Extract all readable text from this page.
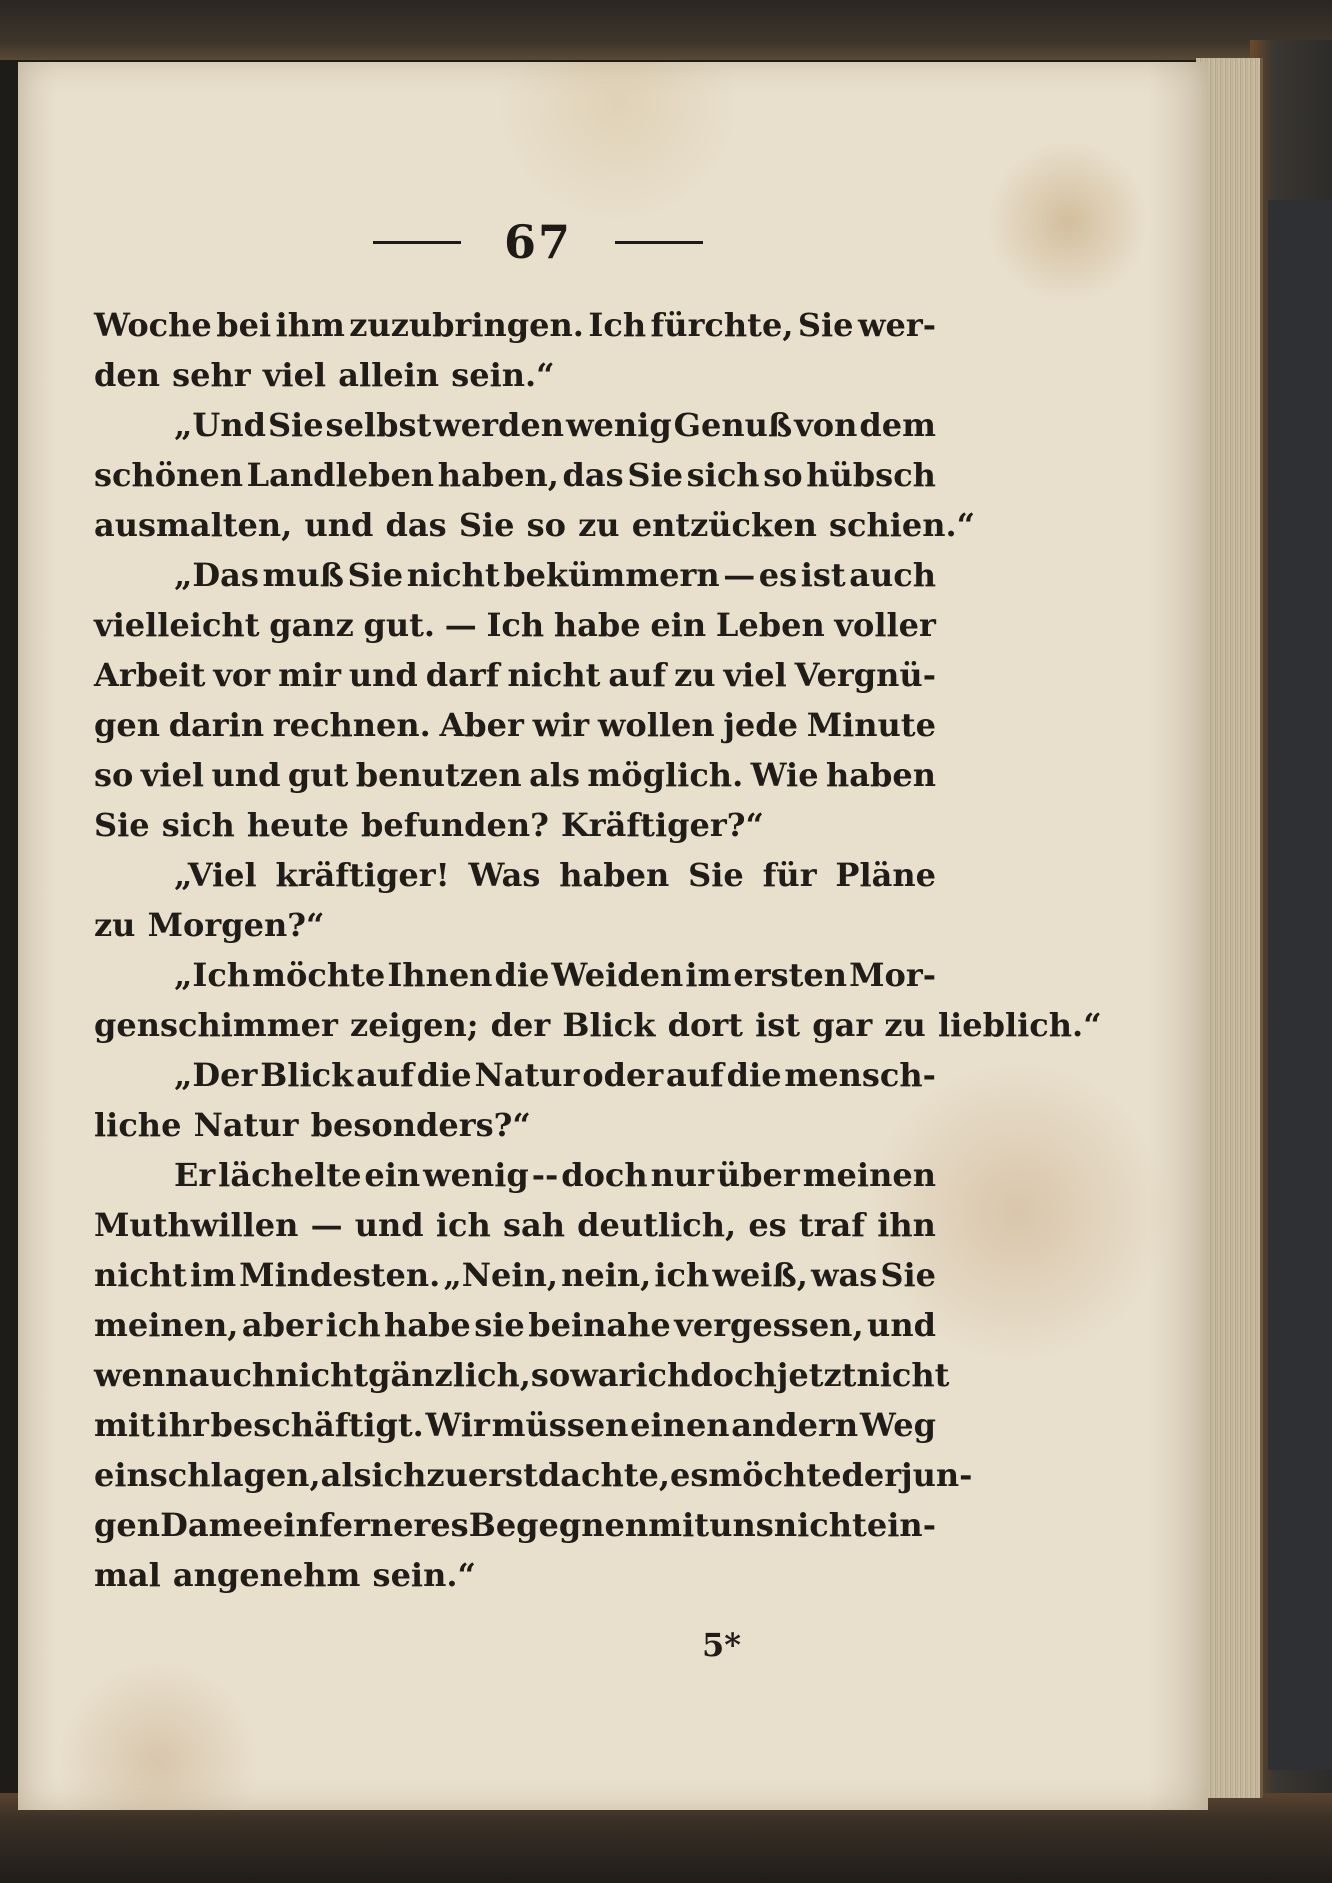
67
Woche bei ihm zuzubringen. Ich fürchte, Sie wer-
den sehr viel allein sein.“
„Und Sie selbst werden wenig Genuß von dem
schönen Landleben haben, das Sie sich so hübsch
ausmalten, und das Sie so zu entzücken schien.“
„Das muß Sie nicht bekümmern — es ist auch
vielleicht ganz gut. — Ich habe ein Leben voller
Arbeit vor mir und darf nicht auf zu viel Vergnü-
gen darin rechnen. Aber wir wollen jede Minute
so viel und gut benutzen als möglich. Wie haben
Sie sich heute befunden? Kräftiger?“
„Viel kräftiger! Was haben Sie für Pläne
zu Morgen?“
„Ich möchte Ihnen die Weiden im ersten Mor-
genschimmer zeigen; der Blick dort ist gar zu lieblich.“
„Der Blick auf die Natur oder auf die mensch-
liche Natur besonders?“
Er lächelte ein wenig -- doch nur über meinen
Muthwillen — und ich sah deutlich, es traf ihn
nicht im Mindesten. „Nein, nein, ich weiß, was Sie
meinen, aber ich habe sie beinahe vergessen, und
wenn auch nicht gänzlich, so war ich doch jetzt nicht
mit ihr beschäftigt. Wir müssen einen andern Weg
einschlagen, als ich zuerst dachte, es möchte der jun-
gen Dame ein ferneres Begegnen mit uns nicht ein-
mal angenehm sein.“
5*
